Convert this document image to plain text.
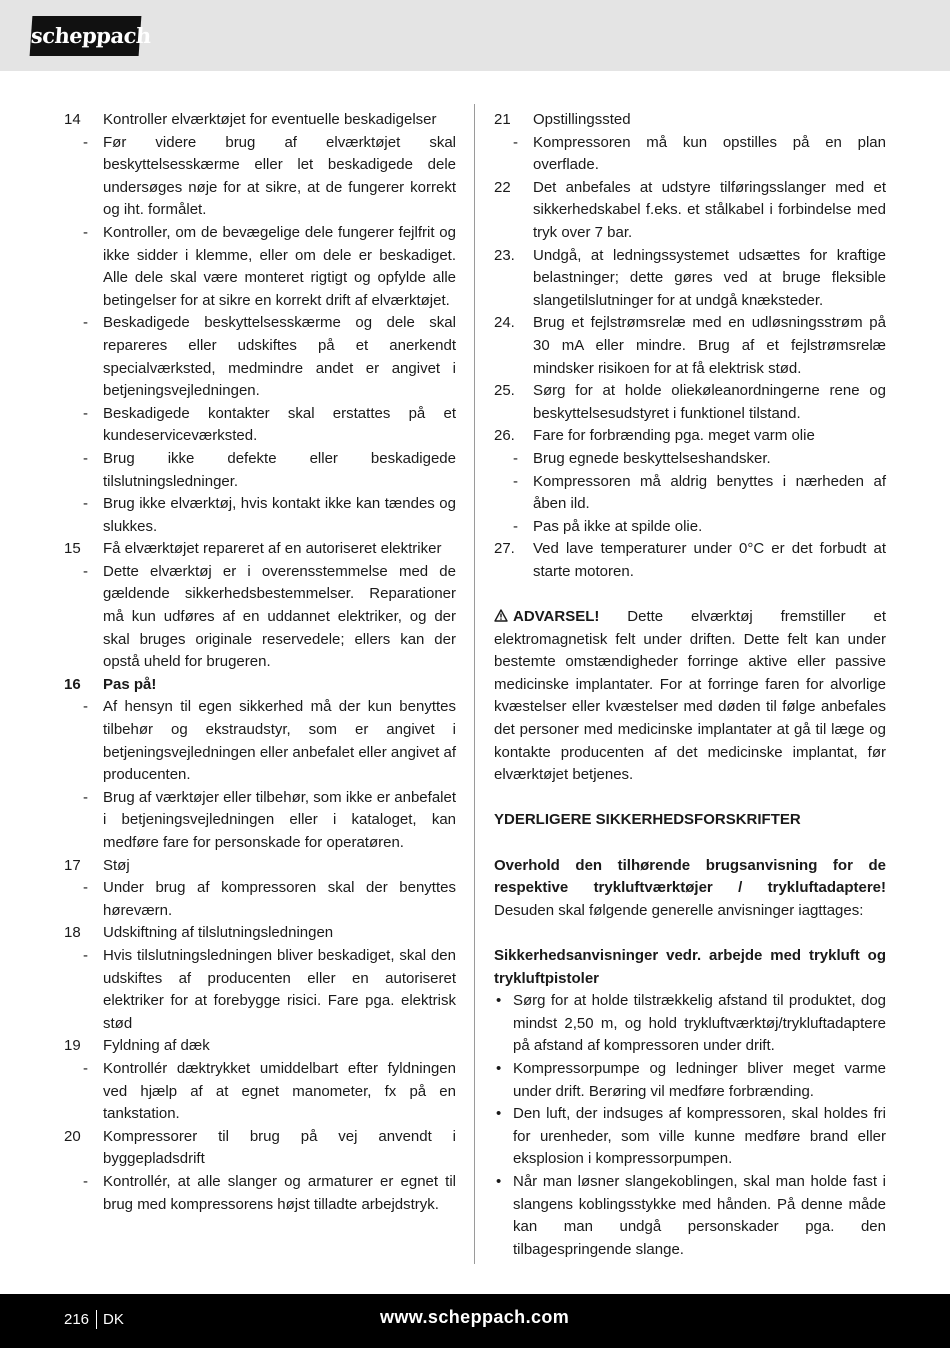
scheppach
14	Kontroller elværktøjet for eventuelle beskadigelser
-	Før videre brug af elværktøjet skal beskyttelsesskærme eller let beskadigede dele undersøges nøje for at sikre, at de fungerer korrekt og iht. formålet.
-	Kontroller, om de bevægelige dele fungerer fejlfrit og ikke sidder i klemme, eller om dele er beskadiget. Alle dele skal være monteret rigtigt og opfylde alle betingelser for at sikre en korrekt drift af elværktøjet.
-	Beskadigede beskyttelsesskærme og dele skal repareres eller udskiftes på et anerkendt specialværksted, medmindre andet er angivet i betjeningsvejledningen.
-	Beskadigede kontakter skal erstattes på et kundeserviceværksted.
-	Brug ikke defekte eller beskadigede tilslutningsledninger.
-	Brug ikke elværktøj, hvis kontakt ikke kan tændes og slukkes.
15	Få elværktøjet repareret af en autoriseret elektriker
-	Dette elværktøj er i overensstemmelse med de gældende sikkerhedsbestemmelser. Reparationer må kun udføres af en uddannet elektriker, og der skal bruges originale reservedele; ellers kan der opstå uheld for brugeren.
16	Pas på!
-	Af hensyn til egen sikkerhed må der kun benyttes tilbehør og ekstraudstyr, som er angivet i betjeningsvejledningen eller anbefalet eller angivet af producenten.
-	Brug af værktøjer eller tilbehør, som ikke er anbefalet i betjeningsvejledningen eller i kataloget, kan medføre fare for personskade for operatøren.
17	Støj
-	Under brug af kompressoren skal der benyttes høreværn.
18	Udskiftning af tilslutningsledningen
-	Hvis tilslutningsledningen bliver beskadiget, skal den udskiftes af producenten eller en autoriseret elektriker for at forebygge risici. Fare pga. elektrisk stød
19	Fyldning af dæk
-	Kontrollér dæktrykket umiddelbart efter fyldningen ved hjælp af at egnet manometer, fx på en tankstation.
20	Kompressorer til brug på vej anvendt i byggepladsdrift
-	Kontrollér, at alle slanger og armaturer er egnet til brug med kompressorens højst tilladte arbejdstryk.
21	Opstillingssted
-	Kompressoren må kun opstilles på en plan overflade.
22	Det anbefales at udstyre tilføringsslanger med et sikkerhedskabel f.eks. et stålkabel i forbindelse med tryk over 7 bar.
23.	Undgå, at ledningssystemet udsættes for kraftige belastninger; dette gøres ved at bruge fleksible slangetilslutninger for at undgå knæksteder.
24.	Brug et fejlstrømsrelæ med en udløsningsstrøm på 30 mA eller mindre. Brug af et fejlstrømsrelæ mindsker risikoen for at få elektrisk stød.
25.	Sørg for at holde oliekøleanordningerne rene og beskyttelsesudstyret i funktionel tilstand.
26.	Fare for forbrænding pga. meget varm olie
-	Brug egnede beskyttelseshandsker.
-	Kompressoren må aldrig benyttes i nærheden af åben ild.
-	Pas på ikke at spilde olie.
27.	Ved lave temperaturer under 0°C er det forbudt at starte motoren.

ADVARSEL! Dette elværktøj fremstiller et elektromagnetisk felt under driften. Dette felt kan under bestemte omstændigheder forringe aktive eller passive medicinske implantater. For at forringe faren for alvorlige kvæstelser eller kvæstelser med døden til følge anbefales det personer med medicinske implantater at gå til læge og kontakte producenten af det medicinske implantat, før elværktøjet betjenes.

YDERLIGERE SIKKERHEDSFORSKRIFTER

Overhold den tilhørende brugsanvisning for de respektive trykluftværktøjer / trykluftadaptere! Desuden skal følgende generelle anvisninger iagttages:

Sikkerhedsanvisninger vedr. arbejde med trykluft og trykluftpistoler

• Sørg for at holde tilstrækkelig afstand til produktet, dog mindst 2,50 m, og hold trykluftværktøj/trykluftadaptere på afstand af kompressoren under drift.
• Kompressorpumpe og ledninger bliver meget varme under drift. Berøring vil medføre forbrænding.
• Den luft, der indsuges af kompressoren, skal holdes fri for urenheder, som ville kunne medføre brand eller eksplosion i kompressorpumpen.
• Når man løsner slangekoblingen, skal man holde fast i slangens koblingsstykke med hånden. På denne måde kan man undgå personskader pga. den tilbagespringende slange.
216 DK	www.scheppach.com
